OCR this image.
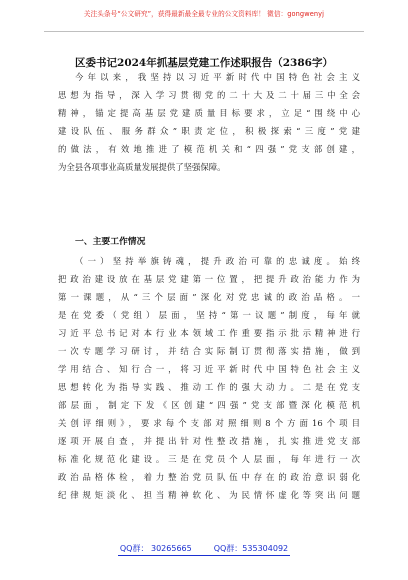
关注头条号“公文研究”，获得最新最全最专业的公文资料库！ 微信：gongwenyj
区委书记2024年抓基层党建工作述职报告（2386字）
今年以来，我坚持以习近平新时代中国特色社会主义
思想为指导，深入学习贯彻党的二十大及二十届三中全会
精神，锚定提高基层党建质量目标要求，立足“围绕中心
建设队伍、服务群众”职责定位，积极探索“三度”党建
的做法，有效地推进了模范机关和“四强”党支部创建，
为全县各项事业高质量发展提供了坚强保障。
一、主要工作情况
（一）坚持举旗铸魂，提升政治可靠的忠诚度。始终
把政治建设放在基层党建第一位置，把提升政治能力作为
第一课题，从“三个层面”深化对党忠诚的政治品格。一
是在党委（党组）层面，坚持“第一议题”制度，每年就
习近平总书记对本行业本领域工作重要指示批示精神进行
一次专题学习研讨，并结合实际制订贯彻落实措施，做到
学用结合、知行合一，将习近平新时代中国特色社会主义
思想转化为指导实践、推动工作的强大动力。二是在党支
部层面，制定下发《区创建“四强”党支部暨深化模范机
关创评细则》，要求每个支部对照细则8个方面16个项目
逐项开展自查，并提出针对性整改措施，扎实推进党支部
标准化规范化建设。三是在党员个人层面，每年进行一次
政治品格体检，着力整治党员队伍中存在的政治意识弱化
纪律规矩淡化、担当精神软化、为民情怀虚化等突出问题
QQ群： 30265665	QQ群：535304092
